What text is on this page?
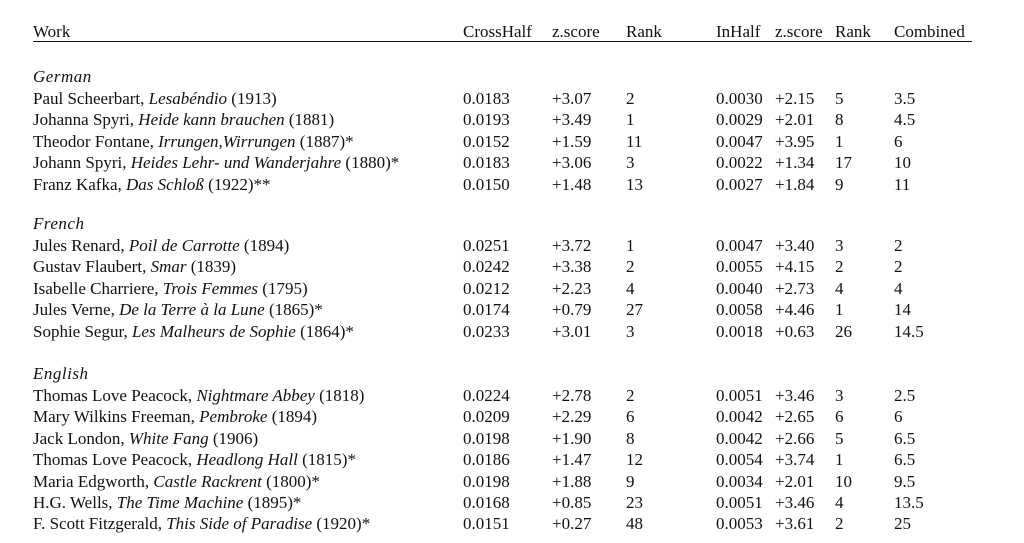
Work	CrossHalf z.score Rank	InHalf z.score Rank Combined
German
Paul Scheerbart, Lesabéndio (1913)	0.0183 +3.07 2	0.0030 +2.15 5	3.5
Johanna Spyri, Heide kann brauchen (1881)	0.0193 +3.49 1	0.0029 +2.01 8	4.5
Theodor Fontane, Irrungen,Wirrungen (1887)*	0.0152 +1.59 11	0.0047 +3.95 1	6
Johann Spyri, Heides Lehr- und Wanderjahre (1880)*	0.0183 +3.06 3	0.0022 +1.34 17 10
Franz Kafka, Das Schloß (1922)**	0.0150 +1.48 13	0.0027 +1.84 9	11
French
Jules Renard, Poil de Carrotte (1894)	0.0251 +3.72 1	0.0047 +3.40 3	2
Gustav Flaubert, Smar (1839)	0.0242 +3.38 2	0.0055 +4.15 2	2
Isabelle Charriere, Trois Femmes (1795)	0.0212 +2.23 4	0.0040 +2.73 4	4
Jules Verne, De la Terre à la Lune (1865)*	0.0174 +0.79 27	0.0058 +4.46 1	14
Sophie Segur, Les Malheurs de Sophie (1864)*	0.0233 +3.01 3	0.0018 +0.63 26 14.5
English
Thomas Love Peacock, Nightmare Abbey (1818)	0.0224 +2.78 2	0.0051 +3.46 3	2.5
Mary Wilkins Freeman, Pembroke (1894)	0.0209 +2.29 6	0.0042 +2.65 6	6
Jack London, White Fang (1906)	0.0198 +1.90 8	0.0042 +2.66 5	6.5
Thomas Love Peacock, Headlong Hall (1815)*	0.0186 +1.47 12	0.0054 +3.74 1	6.5
Maria Edgworth, Castle Rackrent (1800)*	0.0198 +1.88 9	0.0034 +2.01 10 9.5
H.G. Wells, The Time Machine (1895)*	0.0168 +0.85 23	0.0051 +3.46 4	13.5
F. Scott Fitzgerald, This Side of Paradise (1920)*	0.0151 +0.27 48	0.0053 +3.61 2	25
